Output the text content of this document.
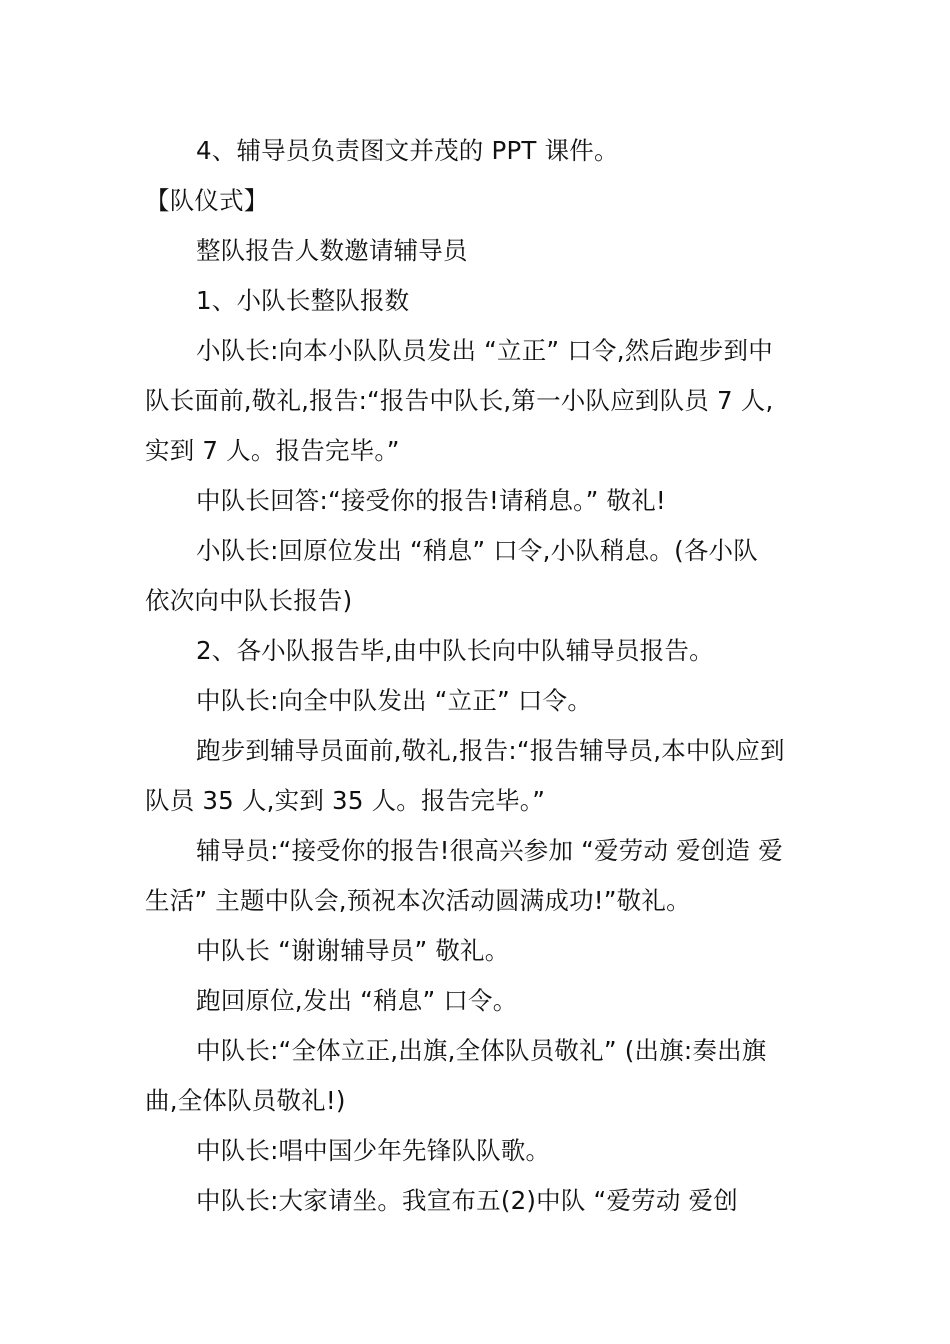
4、辅导员负责图文并茂的 PPT 课件。
【队仪式】
整队报告人数邀请辅导员
1、小队长整队报数
小队长:向本小队队员发出 “立正” 口令,然后跑步到中
队长面前,敬礼,报告:“报告中队长,第一小队应到队员 7 人,
实到 7 人。报告完毕。”
中队长回答:“接受你的报告!请稍息。” 敬礼!
小队长:回原位发出 “稍息” 口令,小队稍息。(各小队
依次向中队长报告)
2、各小队报告毕,由中队长向中队辅导员报告。
中队长:向全中队发出 “立正” 口令。
跑步到辅导员面前,敬礼,报告:“报告辅导员,本中队应到
队员 35 人,实到 35 人。报告完毕。”
辅导员:“接受你的报告!很高兴参加 “爱劳动 爱创造 爱
生活” 主题中队会,预祝本次活动圆满成功!”敬礼。
中队长 “谢谢辅导员” 敬礼。
跑回原位,发出 “稍息” 口令。
中队长:“全体立正,出旗,全体队员敬礼” (出旗:奏出旗
曲,全体队员敬礼!)
中队长:唱中国少年先锋队队歌。
中队长:大家请坐。我宣布五(2)中队 “爱劳动 爱创
